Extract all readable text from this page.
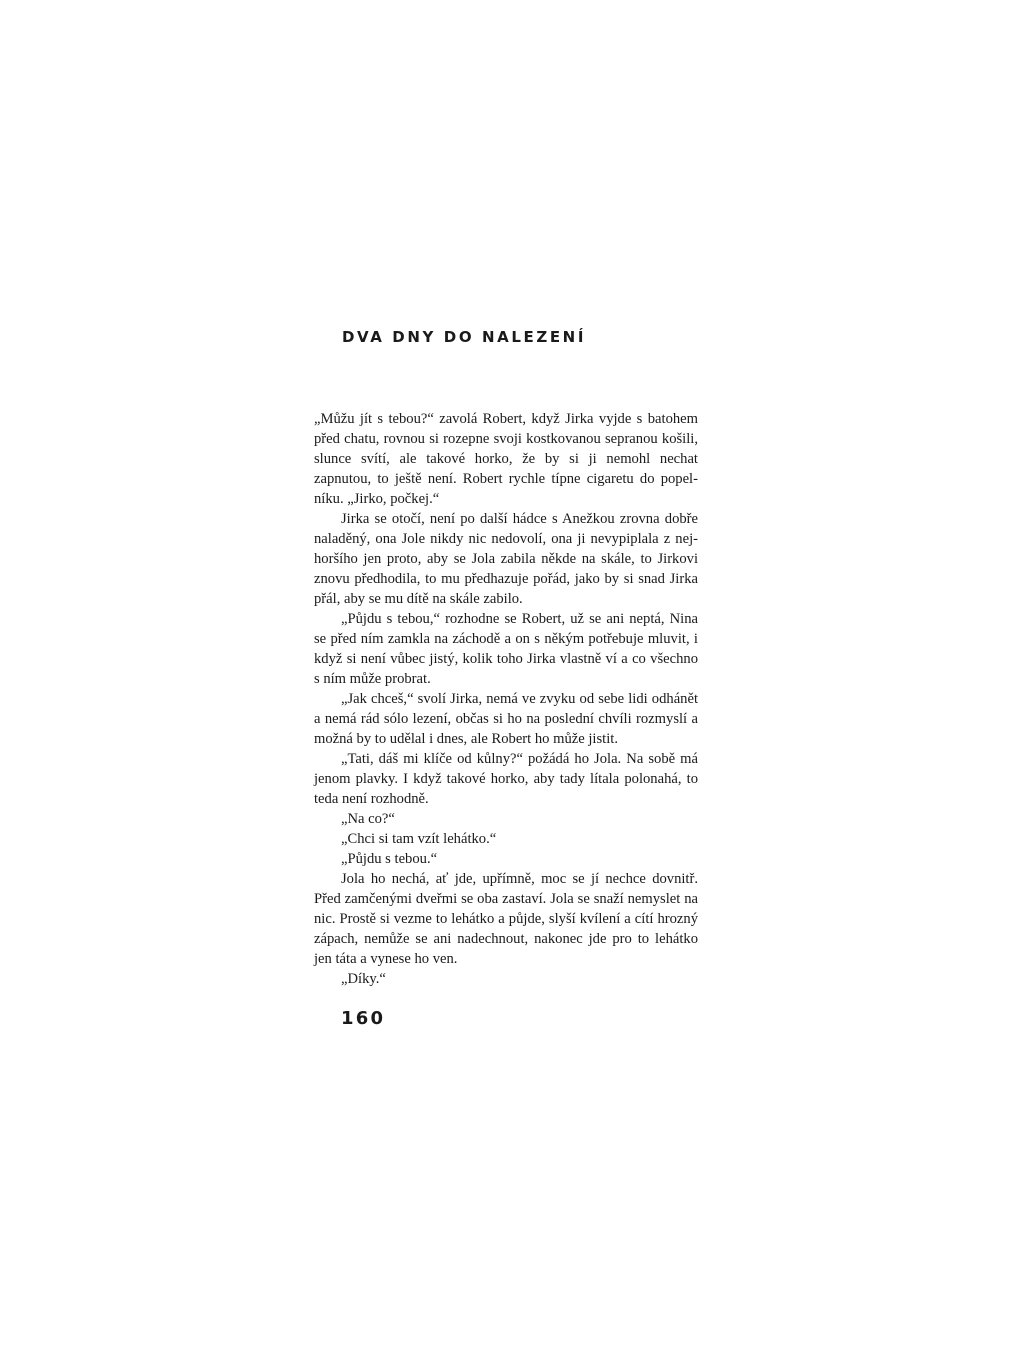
DVA DNY DO NALEZENÍ

„Můžu jít s tebou?“ zavolá Robert, když Jirka vyjde s batohem před chatu, rovnou si rozepne svoji kostkovanou sepranou košili, slunce svítí, ale takové horko, že by si ji nemohl nechat zapnutou, to ještě není. Robert rychle típne cigaretu do popelníku. „Jirko, počkej.“

Jirka se otočí, není po další hádce s Anežkou zrovna dobře naladěný, ona Jole nikdy nic nedovolí, ona ji nevypiplala z nejhoršího jen proto, aby se Jola zabila někde na skále, to Jirkovi znovu předhodila, to mu předhazuje pořád, jako by si snad Jirka přál, aby se mu dítě na skále zabilo.

„Půjdu s tebou,“ rozhodne se Robert, už se ani neptá, Nina se před ním zamkla na záchodě a on s někým potřebuje mluvit, i když si není vůbec jistý, kolik toho Jirka vlastně ví a co všechno s ním může probrat.

„Jak chceš,“ svolí Jirka, nemá ve zvyku od sebe lidi odhánět a nemá rád sólo lezení, občas si ho na poslední chvíli rozmyslí a možná by to udělal i dnes, ale Robert ho může jistit.

„Tati, dáš mi klíče od kůlny?“ požádá ho Jola. Na sobě má jenom plavky. I když takové horko, aby tady lítala polonahá, to teda není rozhodně.

„Na co?“

„Chci si tam vzít lehátko.“

„Půjdu s tebou.“

Jola ho nechá, ať jde, upřímně, moc se jí nechce dovnitř. Před zamčenými dveřmi se oba zastaví. Jola se snaží nemyslet na nic. Prostě si vezme to lehátko a půjde, slyší kvílení a cítí hrozný zápach, nemůže se ani nadechnout, nakonec jde pro to lehátko jen táta a vynese ho ven.

„Díky.“

160
